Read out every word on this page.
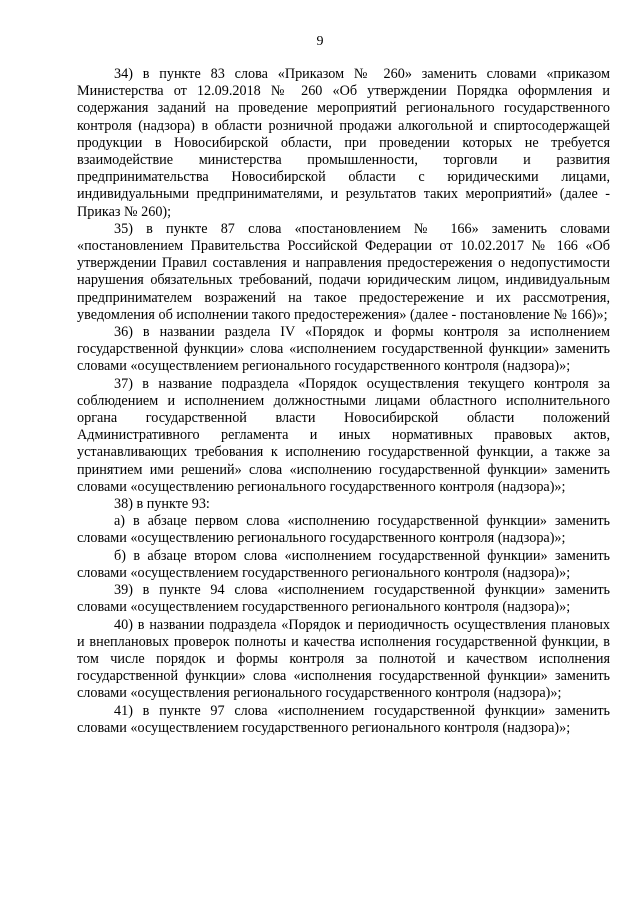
9

34) в пункте 83 слова «Приказом № 260» заменить словами «приказом Министерства от 12.09.2018 № 260 «Об утверждении Порядка оформления и содержания заданий на проведение мероприятий регионального государственного контроля (надзора) в области розничной продажи алкогольной и спиртосодержащей продукции в Новосибирской области, при проведении которых не требуется взаимодействие министерства промышленности, торговли и развития предпринимательства Новосибирской области с юридическими лицами, индивидуальными предпринимателями, и результатов таких мероприятий» (далее - Приказ № 260);

35) в пункте 87 слова «постановлением № 166» заменить словами «постановлением Правительства Российской Федерации от 10.02.2017 № 166 «Об утверждении Правил составления и направления предостережения о недопустимости нарушения обязательных требований, подачи юридическим лицом, индивидуальным предпринимателем возражений на такое предостережение и их рассмотрения, уведомления об исполнении такого предостережения» (далее - постановление № 166)»;

36) в названии раздела IV «Порядок и формы контроля за исполнением государственной функции» слова «исполнением государственной функции» заменить словами «осуществлением регионального государственного контроля (надзора)»;

37) в название подраздела «Порядок осуществления текущего контроля за соблюдением и исполнением должностными лицами областного исполнительного органа государственной власти Новосибирской области положений Административного регламента и иных нормативных правовых актов, устанавливающих требования к исполнению государственной функции, а также за принятием ими решений» слова «исполнению государственной функции» заменить словами «осуществлению регионального государственного контроля (надзора)»;

38) в пункте 93:

а) в абзаце первом слова «исполнению государственной функции» заменить словами «осуществлению регионального государственного контроля (надзора)»;

б) в абзаце втором слова «исполнением государственной функции» заменить словами «осуществлением государственного регионального контроля (надзора)»;

39) в пункте 94 слова «исполнением государственной функции» заменить словами «осуществлением государственного регионального контроля (надзора)»;

40) в названии подраздела «Порядок и периодичность осуществления плановых и внеплановых проверок полноты и качества исполнения государственной функции, в том числе порядок и формы контроля за полнотой и качеством исполнения государственной функции» слова «исполнения государственной функции» заменить словами «осуществления регионального государственного контроля (надзора)»;

41) в пункте 97 слова «исполнением государственной функции» заменить словами «осуществлением государственного регионального контроля (надзора)»;
